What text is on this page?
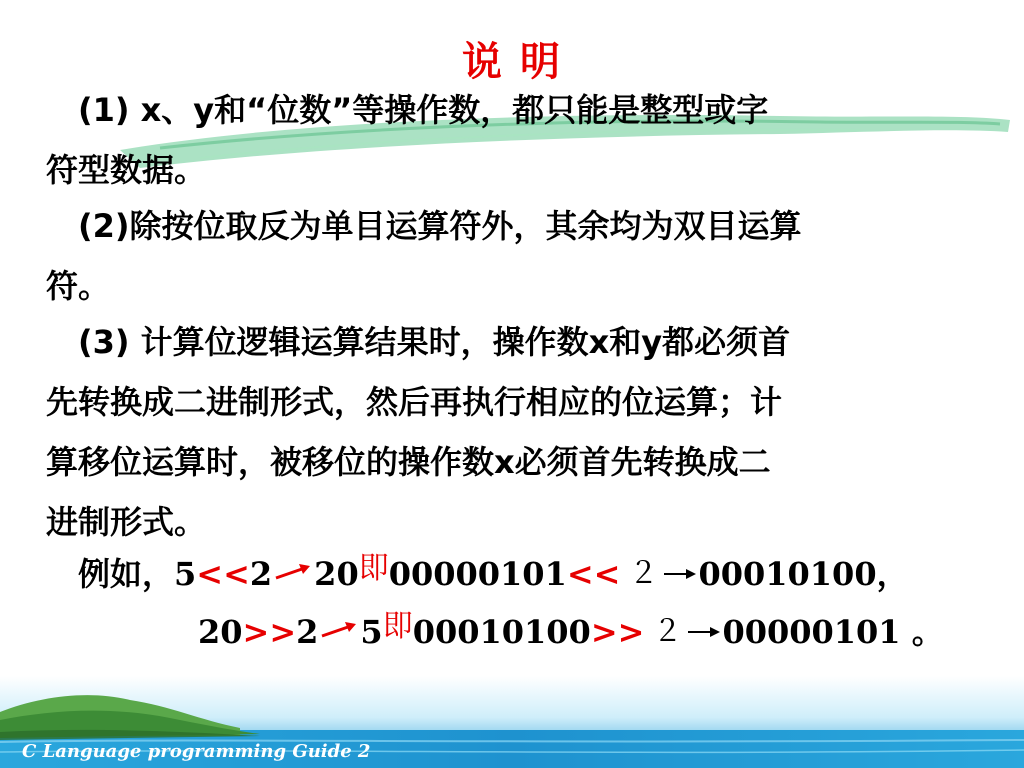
说 明
(1) x、y和“位数”等操作数，都只能是整型或字
符型数据。
(2)除按位取反为单目运算符外，其余均为双目运算
符。
(3) 计算位逻辑运算结果时，操作数x和y都必须首
先转换成二进制形式，然后再执行相应的位运算；计
算移位运算时，被移位的操作数x必须首先转换成二
进制形式。
例如，5<<2 20即00000101<< ２ 00010100，
20>>2 5即00010100>> ２ 00000101 。
C Language programming Guide 2
